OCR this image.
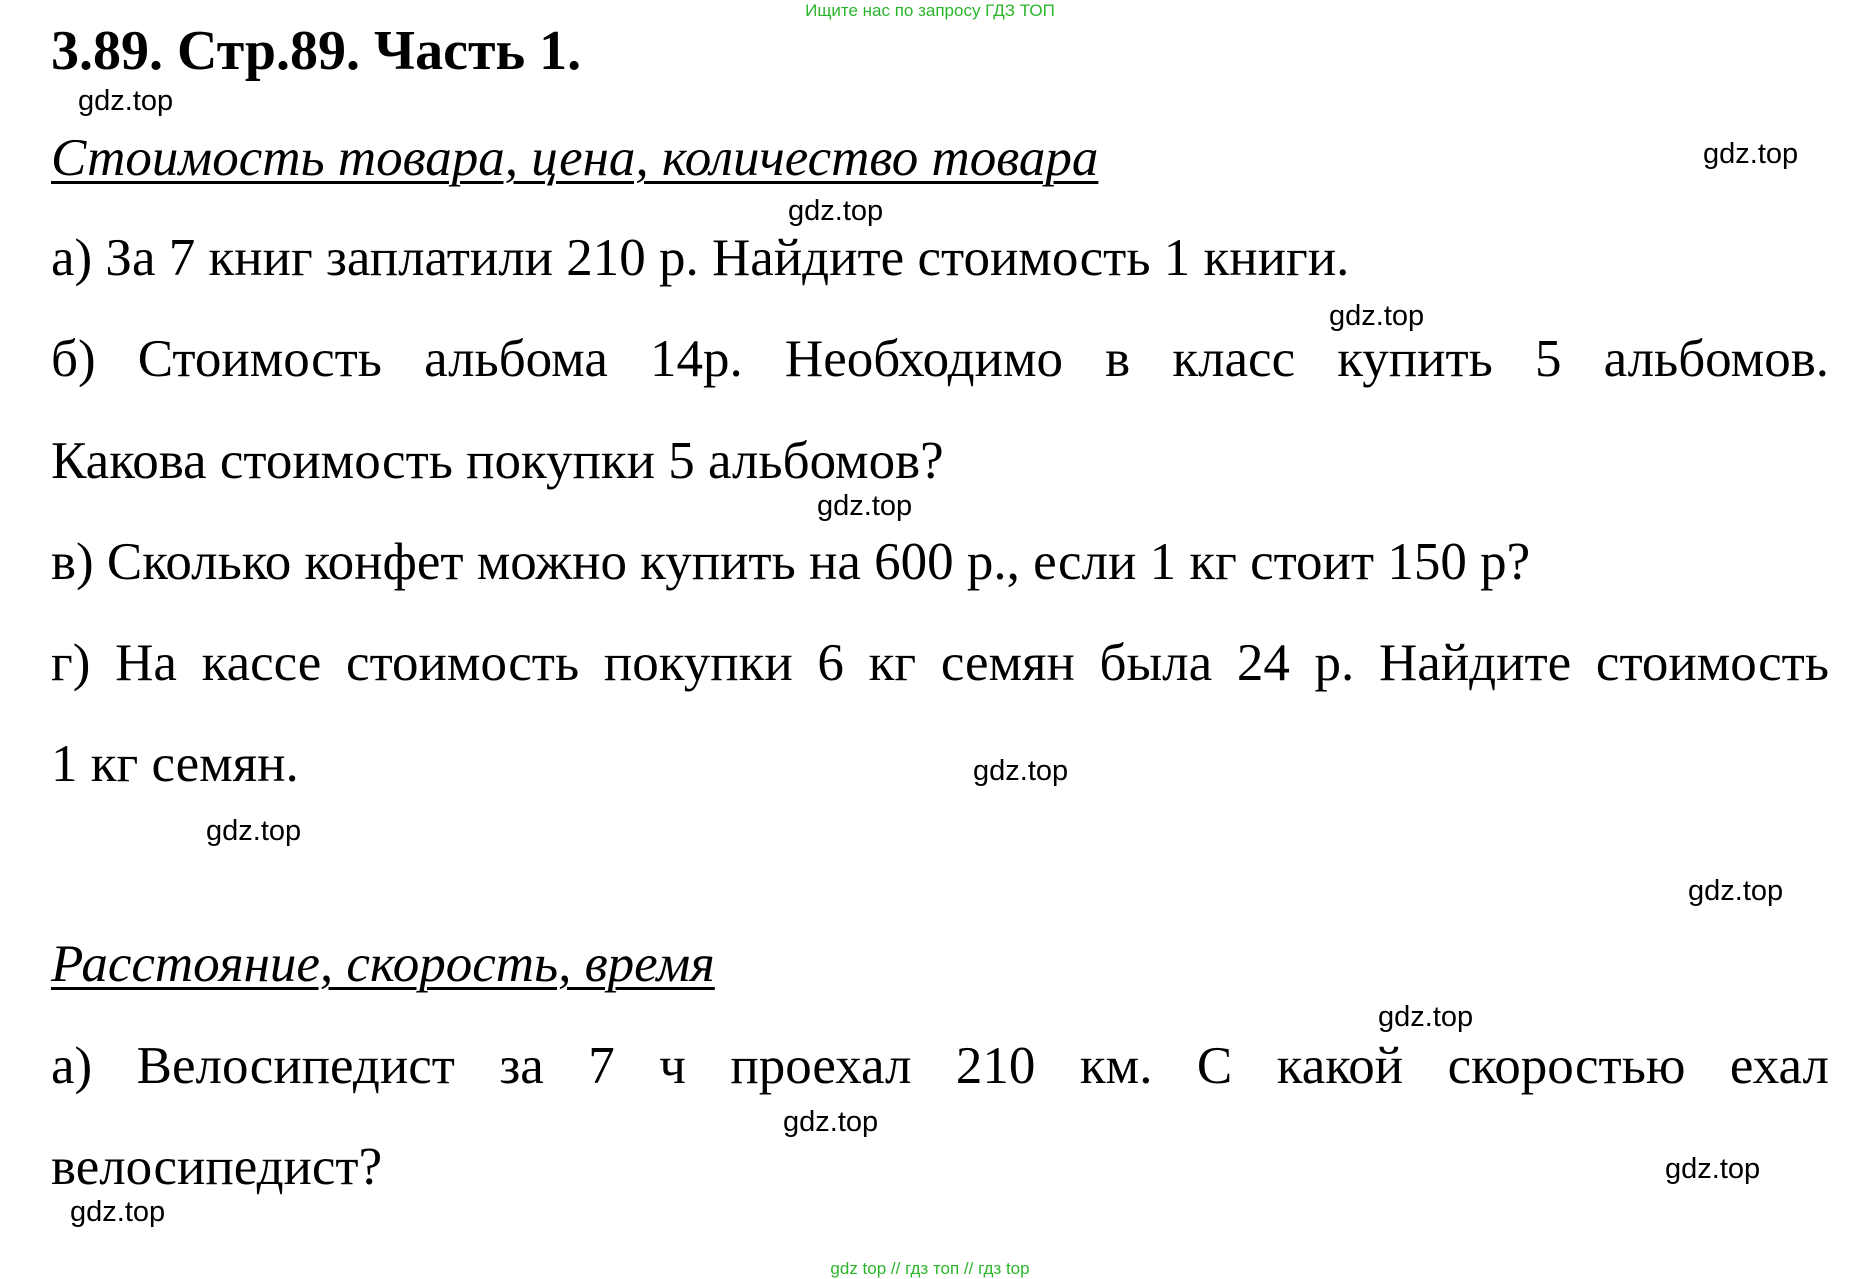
Ищите нас по запросу ГДЗ ТОП
3.89. Стр.89. Часть 1.
Стоимость товара, цена, количество товара
а) За 7 книг заплатили 210 р. Найдите стоимость 1 книги.
б) Стоимость альбома 14р. Необходимо в класс купить 5 альбомов.
Какова стоимость покупки 5 альбомов?
в) Сколько конфет можно купить на 600 р., если 1 кг стоит 150 р?
г) На кассе стоимость покупки 6 кг семян была 24 р. Найдите стоимость
1 кг семян.
Расстояние, скорость, время
а) Велосипедист за 7 ч проехал 210 км. С какой скоростью ехал
велосипедист?
gdz.top
gdz.top
gdz.top
gdz.top
gdz.top
gdz.top
gdz.top
gdz.top
gdz.top
gdz.top
gdz.top
gdz.top
gdz top // гдз топ // гдз top
